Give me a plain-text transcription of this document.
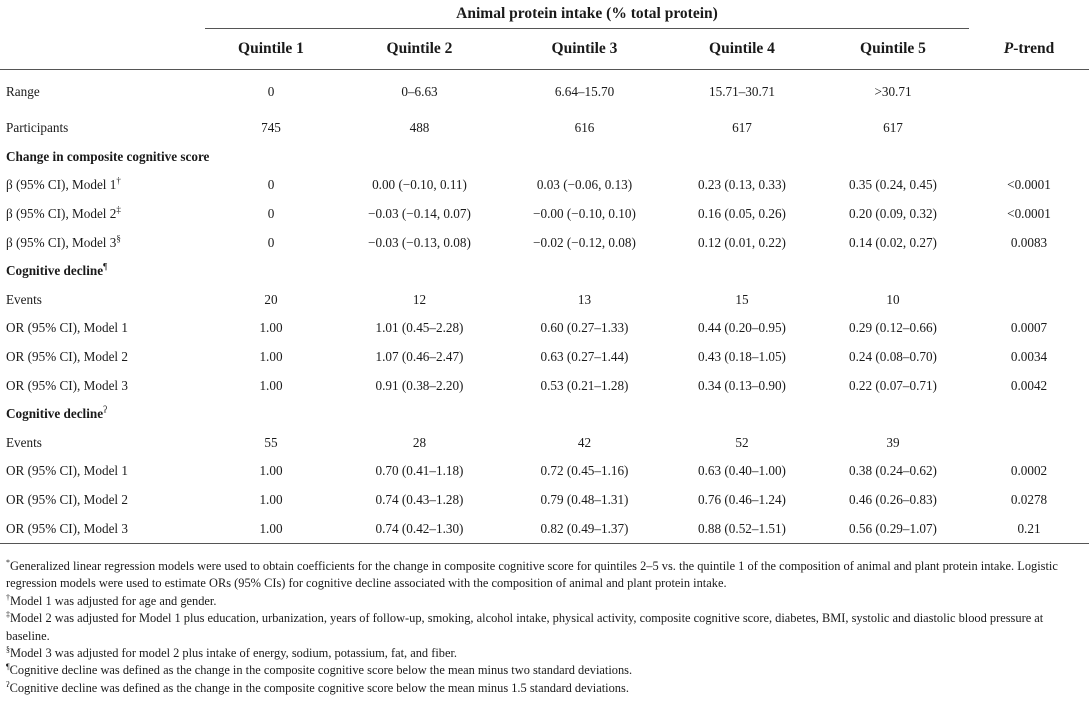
	Animal protein intake (% total protein)					
	Quintile 1	Quintile 2	Quintile 3	Quintile 4	Quintile 5	P-trend
Range	0	0–6.63	6.64–15.70	15.71–30.71	>30.71	
Participants	745	488	616	617	617	
Change in composite cognitive score						
β (95% CI), Model 1†	0	0.00 (−0.10, 0.11)	0.03 (−0.06, 0.13)	0.23 (0.13, 0.33)	0.35 (0.24, 0.45)	<0.0001
β (95% CI), Model 2‡	0	−0.03 (−0.14, 0.07)	−0.00 (−0.10, 0.10)	0.16 (0.05, 0.26)	0.20 (0.09, 0.32)	<0.0001
β (95% CI), Model 3§	0	−0.03 (−0.13, 0.08)	−0.02 (−0.12, 0.08)	0.12 (0.01, 0.22)	0.14 (0.02, 0.27)	0.0083
Cognitive decline¶
Events	20	12	13	15	10	
OR (95% CI), Model 1	1.00	1.01 (0.45–2.28)	0.60 (0.27–1.33)	0.44 (0.20–0.95)	0.29 (0.12–0.66)	0.0007
OR (95% CI), Model 2	1.00	1.07 (0.46–2.47)	0.63 (0.27–1.44)	0.43 (0.18–1.05)	0.24 (0.08–0.70)	0.0034
OR (95% CI), Model 3	1.00	0.91 (0.38–2.20)	0.53 (0.21–1.28)	0.34 (0.13–0.90)	0.22 (0.07–0.71)	0.0042
Cognitive decline$^ʔ$
Events	55	28	42	52	39	
OR (95% CI), Model 1	1.00	0.70 (0.41–1.18)	0.72 (0.45–1.16)	0.63 (0.40–1.00)	0.38 (0.24–0.62)	0.0002
OR (95% CI), Model 2	1.00	0.74 (0.43–1.28)	0.79 (0.48–1.31)	0.76 (0.46–1.24)	0.46 (0.26–0.83)	0.0278
OR (95% CI), Model 3	1.00	0.74 (0.42–1.30)	0.82 (0.49–1.37)	0.88 (0.52–1.51)	0.56 (0.29–1.07)	0.21

*Generalized linear regression models were used to obtain coefficients for the change in composite cognitive score for quintiles 2–5 vs. the quintile 1 of the composition of animal and plant protein intake. Logistic regression models were used to estimate ORs (95% CIs) for cognitive decline associated with the composition of animal and plant protein intake.

†Model 1 was adjusted for age and gender.

‡Model 2 was adjusted for Model 1 plus education, urbanization, years of follow-up, smoking, alcohol intake, physical activity, composite cognitive score, diabetes, BMI, systolic and diastolic blood pressure at baseline.

§Model 3 was adjusted for model 2 plus intake of energy, sodium, potassium, fat, and fiber.

¶Cognitive decline was defined as the change in the composite cognitive score below the mean minus two standard deviations.

$^ʔ$Cognitive decline was defined as the change in the composite cognitive score below the mean minus 1.5 standard deviations.
